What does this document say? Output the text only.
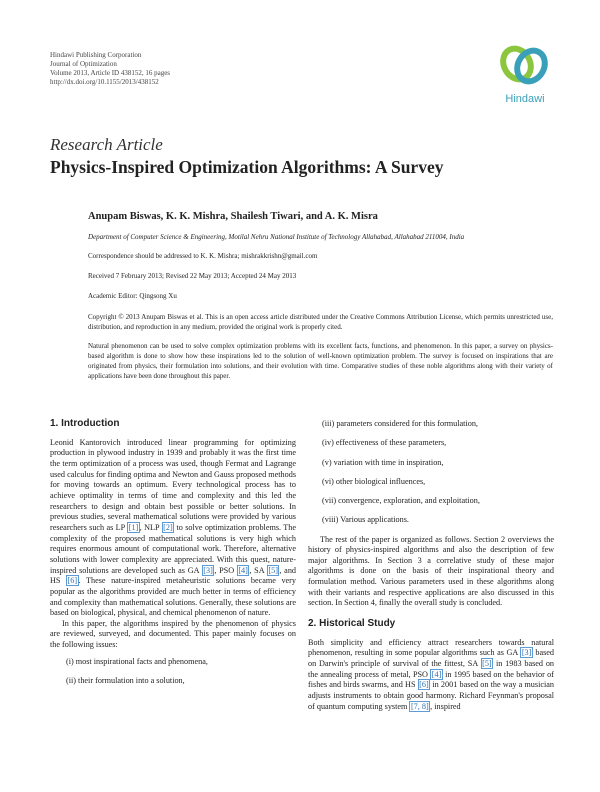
Hindawi Publishing Corporation
Journal of Optimization
Volume 2013, Article ID 438152, 16 pages
http://dx.doi.org/10.1155/2013/438152
Hindawi
Research Article
Physics-Inspired Optimization Algorithms: A Survey
Anupam Biswas, K. K. Mishra, Shailesh Tiwari, and A. K. Misra
Department of Computer Science & Engineering, Motilal Nehru National Institute of Technology Allahabad, Allahabad 211004, India
Correspondence should be addressed to K. K. Mishra; mishrakkrishn@gmail.com
Received 7 February 2013; Revised 22 May 2013; Accepted 24 May 2013
Academic Editor: Qingsong Xu
Copyright © 2013 Anupam Biswas et al. This is an open access article distributed under the Creative Commons Attribution License, which permits unrestricted use, distribution, and reproduction in any medium, provided the original work is properly cited.
Natural phenomenon can be used to solve complex optimization problems with its excellent facts, functions, and phenomenon. In this paper, a survey on physics-based algorithm is done to show how these inspirations led to the solution of well-known optimization problem. The survey is focused on inspirations that are originated from physics, their formulation into solutions, and their evolution with time. Comparative studies of these noble algorithms along with their variety of applications have been done throughout this paper.
1. Introduction

Leonid Kantorovich introduced linear programming for optimizing production in plywood industry in 1939 and probably it was the first time the term optimization of a process was used, though Fermat and Lagrange used calculus for finding optima and Newton and Gauss proposed methods for moving towards an optimum. Every technological process has to achieve optimality in terms of time and complexity and this led the researchers to design and obtain best possible or better solutions. In previous studies, several mathematical solutions were provided by various researchers such as LP [1] , NLP [2] to solve optimization problems. The complexity of the proposed mathematical solutions is very high which requires enormous amount of computational work. Therefore, alternative solutions with lower complexity are appreciated. With this quest, nature-inspired solutions are developed such as GA [3] , PSO [4] , SA [5] , and HS [6] . These nature-inspired metaheuristic solutions became very popular as the algorithms provided are much better in terms of efficiency and complexity than mathematical solutions. Generally, these solutions are based on biological, physical, and chemical phenomenon of nature.

In this paper, the algorithms inspired by the phenomenon of physics are reviewed, surveyed, and documented. This paper mainly focuses on the following issues:

(i) most inspirational facts and phenomena,
(ii) their formulation into a solution,
(iii) parameters considered for this formulation,
(iv) effectiveness of these parameters,
(v) variation with time in inspiration,
(vi) other biological influences,
(vii) convergence, exploration, and exploitation,
(viii) Various applications.

The rest of the paper is organized as follows. Section 2 overviews the history of physics-inspired algorithms and also the description of few major algorithms. In Section 3 a correlative study of these major algorithms is done on the basis of their inspirational theory and formulation method. Various parameters used in these algorithms along with their variants and respective applications are also discussed in this section. In Section 4, finally the overall study is concluded.

2. Historical Study

Both simplicity and efficiency attract researchers towards natural phenomenon, resulting in some popular algorithms such as GA [3] based on Darwin's principle of survival of the fittest, SA [5] in 1983 based on the annealing process of metal, PSO [4] in 1995 based on the behavior of fishes and birds swarms, and HS [6] in 2001 based on the way a musician adjusts instruments to obtain good harmony. Richard Feynman's proposal of quantum computing system [7, 8] , inspired
